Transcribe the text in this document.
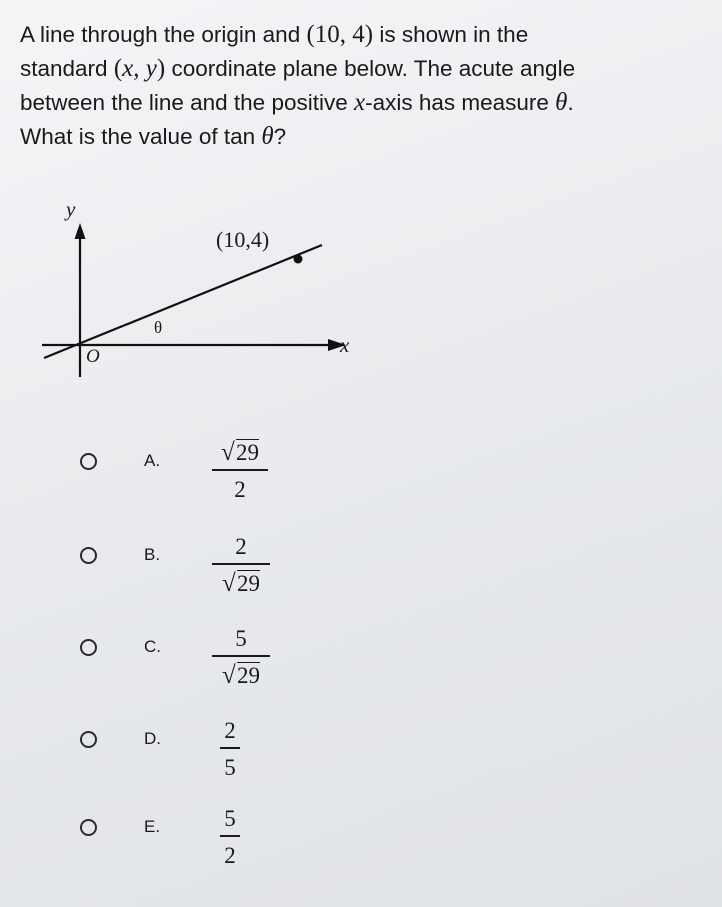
A line through the origin and (10, 4) is shown in the
standard (x, y) coordinate plane below. The acute angle
between the line and the positive x-axis has measure θ.
What is the value of tan θ?
y
x
(10,4)
θ
O
A. √ 29
2
B.	2
√ 29
C.	5
√ 29
D.	2
5
E.	5
2
